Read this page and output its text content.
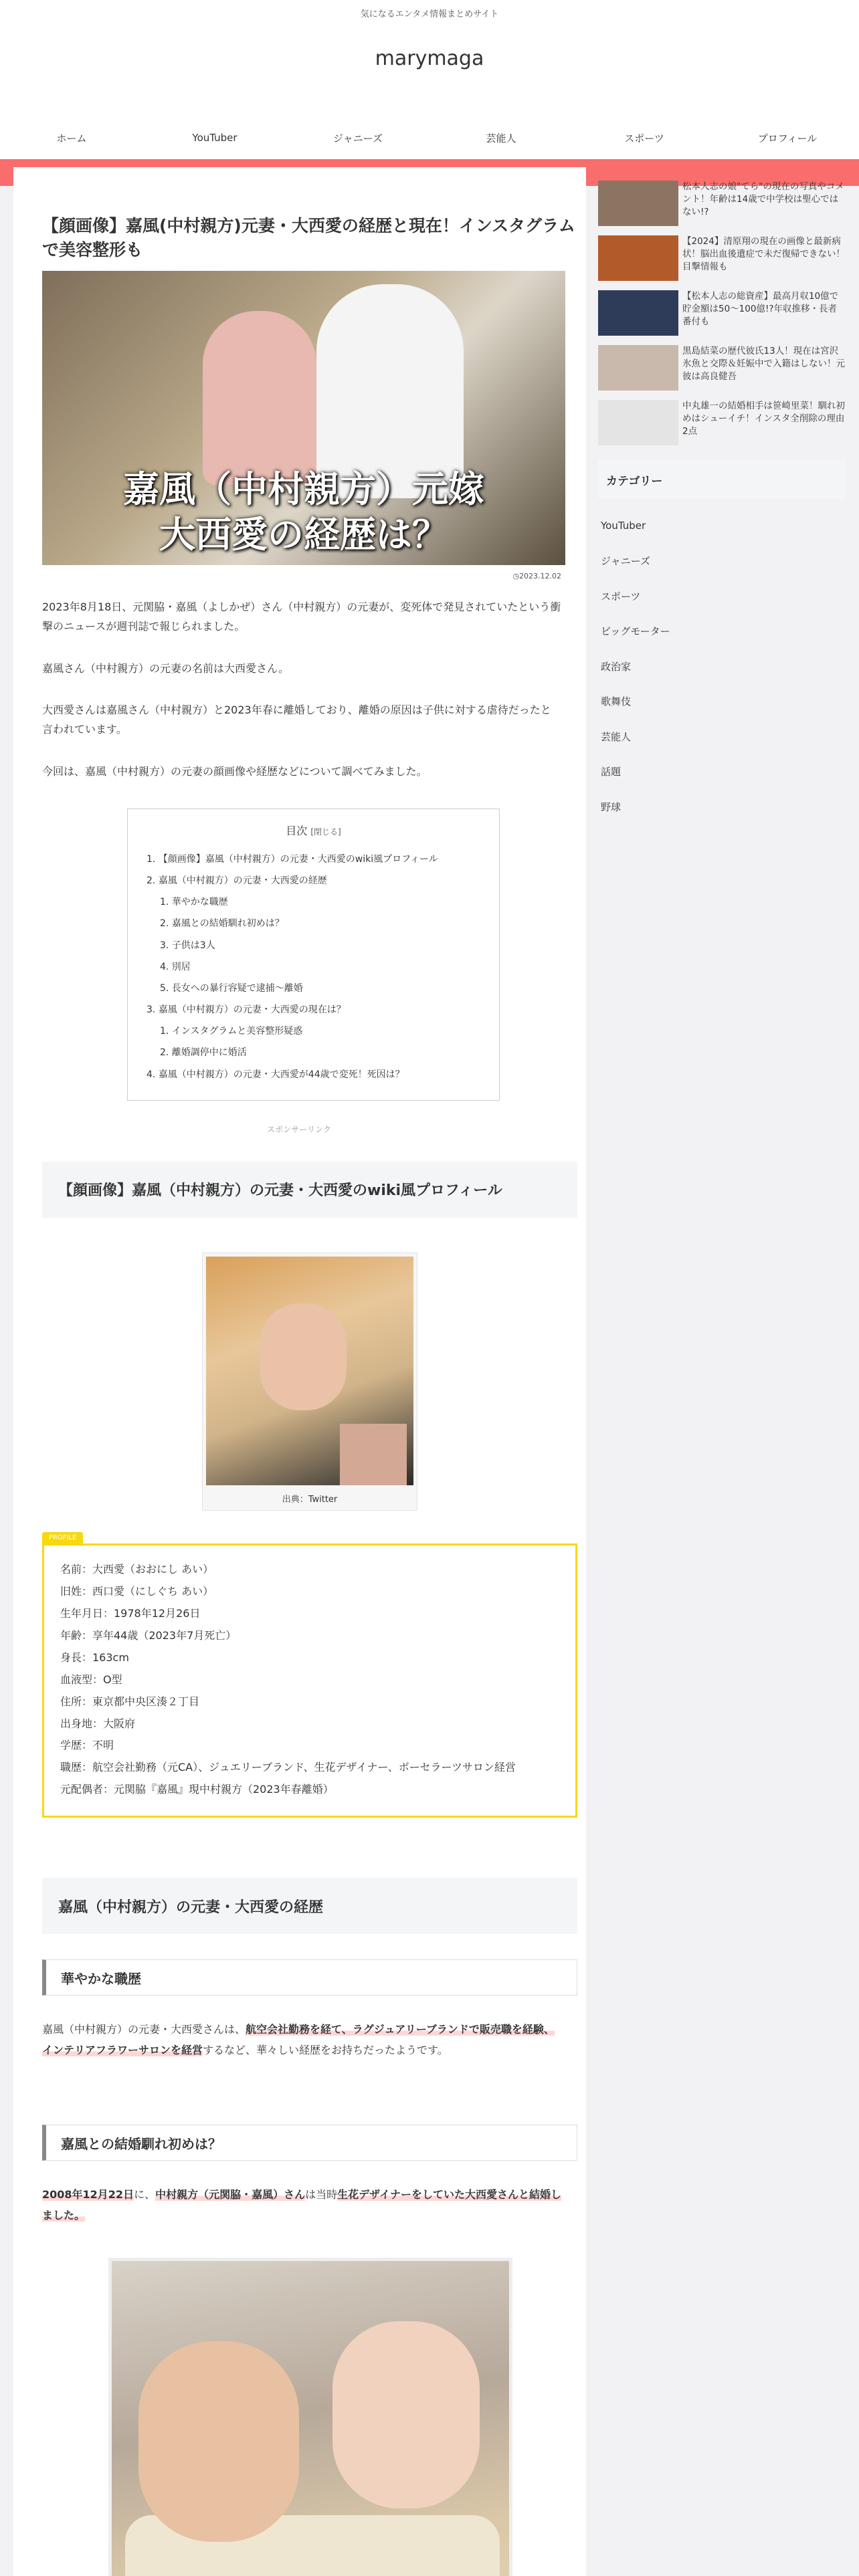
気になるエンタメ情報まとめサイト
marymaga
ホーム	YouTuber	ジャニーズ	芸能人	スポーツ	プロフィール
【顔画像】嘉風(中村親方)元妻・大西愛の経歴と現在！インスタグラムで美容整形も
嘉風（中村親方）元嫁
大西愛の経歴は？
◷2023.12.02

2023年8月18日、元関脇・嘉風（よしかぜ）さん（中村親方）の元妻が、変死体で発見されていたという衝撃のニュースが週刊誌で報じられました。

嘉風さん（中村親方）の元妻の名前は大西愛さん。

大西愛さんは嘉風さん（中村親方）と2023年春に離婚しており、離婚の原因は子供に対する虐待だったと言われています。

今回は、嘉風（中村親方）の元妻の顔画像や経歴などについて調べてみました。

目次 [閉じる]
1. 【顔画像】嘉風（中村親方）の元妻・大西愛のwiki風プロフィール
2. 嘉風（中村親方）の元妻・大西愛の経歴
1. 華やかな職歴
2. 嘉風との結婚馴れ初めは？
3. 子供は3人
4. 別居
5. 長女への暴行容疑で逮捕〜離婚
3. 嘉風（中村親方）の元妻・大西愛の現在は？
1. インスタグラムと美容整形疑惑
2. 離婚調停中に婚活
4. 嘉風（中村親方）の元妻・大西愛が44歳で変死！死因は？
スポンサーリンク
【顔画像】嘉風（中村親方）の元妻・大西愛のwiki風プロフィール
出典：Twitter
PROFILE
名前：大西愛（おおにし あい）
旧姓：西口愛（にしぐち あい）
生年月日：1978年12月26日
年齢：享年44歳（2023年7月死亡）
身長：163cm
血液型：O型
住所：東京都中央区湊２丁目
出身地：大阪府
学歴：不明
職歴：航空会社勤務（元CA）、ジュエリーブランド、生花デザイナー、ボーセラーツサロン経営
元配偶者：元関脇『嘉風』現中村親方（2023年春離婚）
嘉風（中村親方）の元妻・大西愛の経歴
華やかな職歴

嘉風（中村親方）の元妻・大西愛さんは、航空会社勤務を経て、ラグジュアリーブランドで販売職を経験、インテリアフラワーサロンを経営するなど、華々しい経歴をお持ちだったようです。

嘉風との結婚馴れ初めは？

2008年12月22日に、中村親方（元関脇・嘉風）さんは当時生花デザイナーをしていた大西愛さんと結婚しました。

松本人志の娘"てら"の現在の写真やコメント！年齢は14歳で中学校は聖心ではない!?
【2024】清原翔の現在の画像と最新病状！脳出血後遺症で未だ復帰できない！目撃情報も
【松本人志の総資産】最高月収10億で貯金額は50〜100億!?年収推移・長者番付も
黒島結菜の歴代彼氏13人！現在は宮沢氷魚と交際＆妊娠中で入籍はしない！元彼は高良健吾
中丸雄一の結婚相手は笹崎里菜！馴れ初めはシューイチ！インスタ全削除の理由2点
カテゴリー
YouTuber
ジャニーズ
スポーツ
ビッグモーター
政治家
歌舞伎
芸能人
話題
野球
